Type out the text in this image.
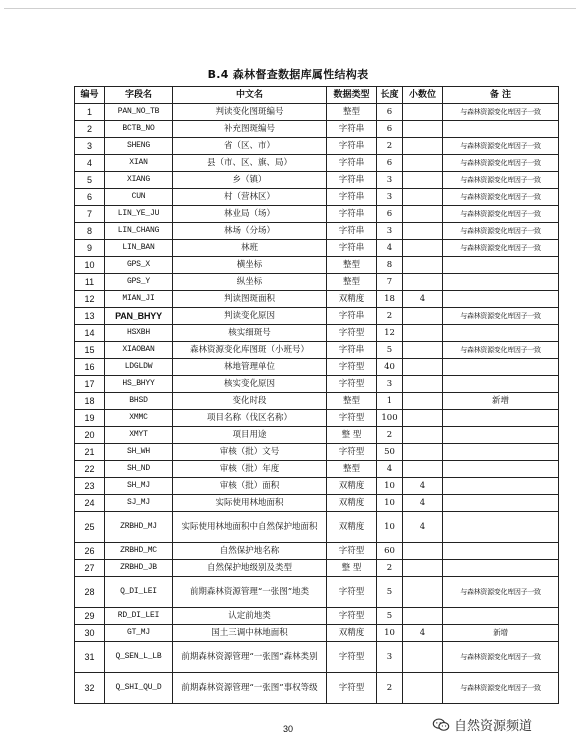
B.4 森林督查数据库属性结构表
编号	字段名	中文名	数据类型	长度	小数位	备 注
1	PAN_NO_TB	判读变化图斑编号	整型	6		与森林资源变化库因子一致
2	BCTB_NO	补充图斑编号	字符串	6		
3	SHENG	省（区、市）	字符串	2		与森林资源变化库因子一致
4	XIAN	县（市、区、旗、局）	字符串	6		与森林资源变化库因子一致
5	XIANG	乡（镇）	字符串	3		与森林资源变化库因子一致
6	CUN	村（营林区）	字符串	3		与森林资源变化库因子一致
7	LIN_YE_JU	林业局（场）	字符串	6		与森林资源变化库因子一致
8	LIN_CHANG	林场（分场）	字符串	3		与森林资源变化库因子一致
9	LIN_BAN	林班	字符串	4		与森林资源变化库因子一致
10	GPS_X	横坐标	整型	8		
11	GPS_Y	纵坐标	整型	7		
12	MIAN_JI	判读图斑面积	双精度	18	4	
13	PAN_BHYY	判读变化原因	字符串	2		与森林资源变化库因子一致
14	HSXBH	核实细斑号	字符型	12		
15	XIAOBAN	森林资源变化库图斑（小班号）	字符串	5		与森林资源变化库因子一致
16	LDGLDW	林地管理单位	字符型	40		
17	HS_BHYY	核实变化原因	字符型	3		
18	BHSD	变化时段	整型	1		新增
19	XMMC	项目名称（伐区名称）	字符型	100		
20	XMYT	项目用途	整 型	2		
21	SH_WH	审核（批）文号	字符型	50		
22	SH_ND	审核（批）年度	整型	4		
23	SH_MJ	审核（批）面积	双精度	10	4	
24	SJ_MJ	实际使用林地面积	双精度	10	4	
25	ZRBHD_MJ	实际使用林地面积中自然保护地面积	双精度	10	4	
26	ZRBHD_MC	自然保护地名称	字符型	60		
27	ZRBHD_JB	自然保护地级别及类型	整 型	2		
28	Q_DI_LEI	前期森林资源管理“一张图”地类	字符型	5		与森林资源变化库因子一致
29	RD_DI_LEI	认定前地类	字符型	5		
30	GT_MJ	国土三调中林地面积	双精度	10	4	新增
31	Q_SEN_L_LB	前期森林资源管理“一张图”森林类别	字符型	3		与森林资源变化库因子一致
32	Q_SHI_QU_D	前期森林资源管理“一张图”事权等级	字符型	2		与森林资源变化库因子一致
30	自然资源频道
